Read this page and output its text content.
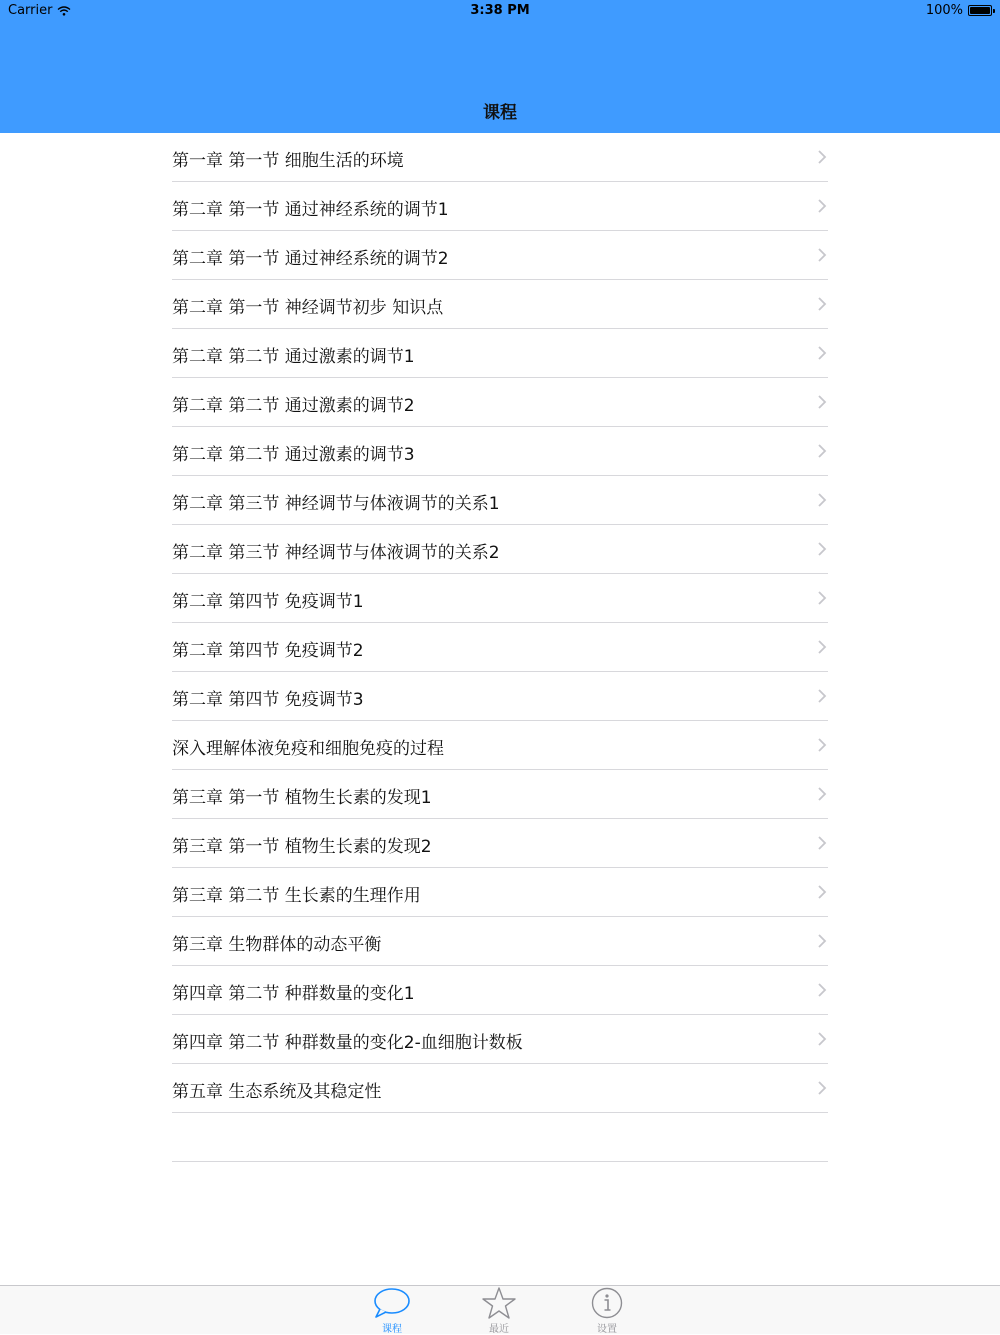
Carrier	3:38 PM	100%
课程
第一章 第一节 细胞生活的环境
第二章 第一节 通过神经系统的调节1
第二章 第一节 通过神经系统的调节2
第二章 第一节 神经调节初步 知识点
第二章 第二节 通过激素的调节1
第二章 第二节 通过激素的调节2
第二章 第二节 通过激素的调节3
第二章 第三节 神经调节与体液调节的关系1
第二章 第三节 神经调节与体液调节的关系2
第二章 第四节 免疫调节1
第二章 第四节 免疫调节2
第二章 第四节 免疫调节3
深入理解体液免疫和细胞免疫的过程
第三章 第一节 植物生长素的发现1
第三章 第一节 植物生长素的发现2
第三章 第二节 生长素的生理作用
第三章 生物群体的动态平衡
第四章 第二节 种群数量的变化1
第四章 第二节 种群数量的变化2-血细胞计数板
第五章 生态系统及其稳定性
课程	最近	设置
